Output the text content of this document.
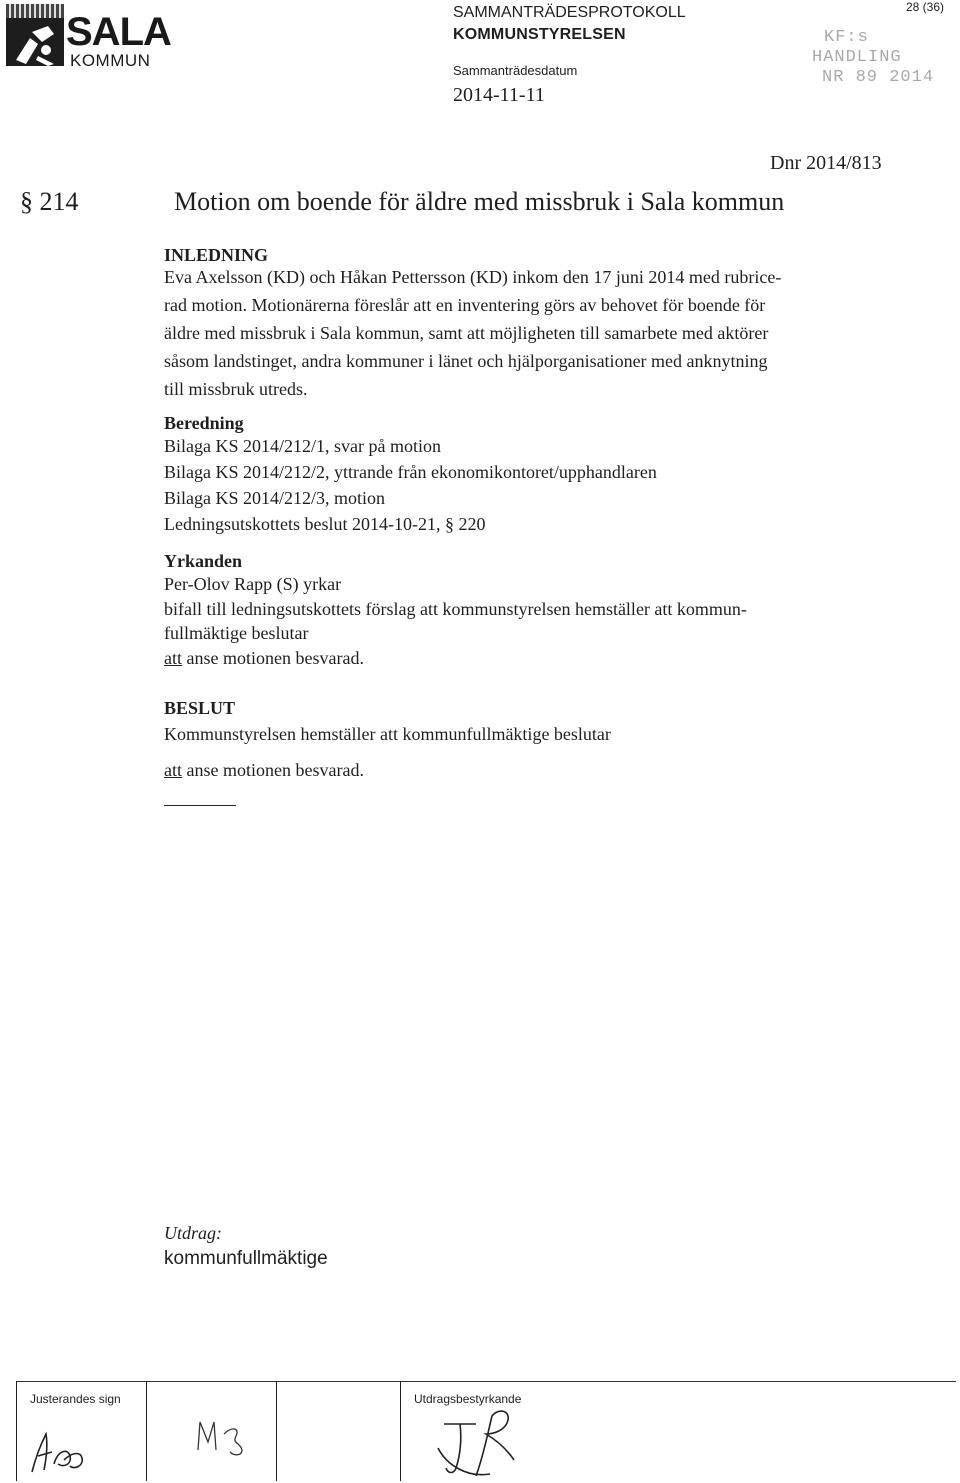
SALA
KOMMUN
SAMMANTRÄDESPROTOKOLL
KOMMUNSTYRELSEN
Sammanträdesdatum
2014-11-11
28 (36)
KF:s
HANDLING
NR 89 2014
Dnr 2014/813
§ 214	Motion om boende för äldre med missbruk i Sala kommun
INLEDNING
Eva Axelsson (KD) och Håkan Pettersson (KD) inkom den 17 juni 2014 med rubrice-
rad motion. Motionärerna föreslår att en inventering görs av behovet för boende för
äldre med missbruk i Sala kommun, samt att möjligheten till samarbete med aktörer
såsom landstinget, andra kommuner i länet och hjälporganisationer med anknytning
till missbruk utreds.
Beredning
Bilaga KS 2014/212/1, svar på motion
Bilaga KS 2014/212/2, yttrande från ekonomikontoret/upphandlaren
Bilaga KS 2014/212/3, motion
Ledningsutskottets beslut 2014-10-21, § 220
Yrkanden
Per-Olov Rapp (S) yrkar
bifall till ledningsutskottets förslag att kommunstyrelsen hemställer att kommun-
fullmäktige beslutar
att anse motionen besvarad.
BESLUT
Kommunstyrelsen hemställer att kommunfullmäktige beslutar
att anse motionen besvarad.
Utdrag:
kommunfullmäktige
Justerandes sign	Utdragsbestyrkande
